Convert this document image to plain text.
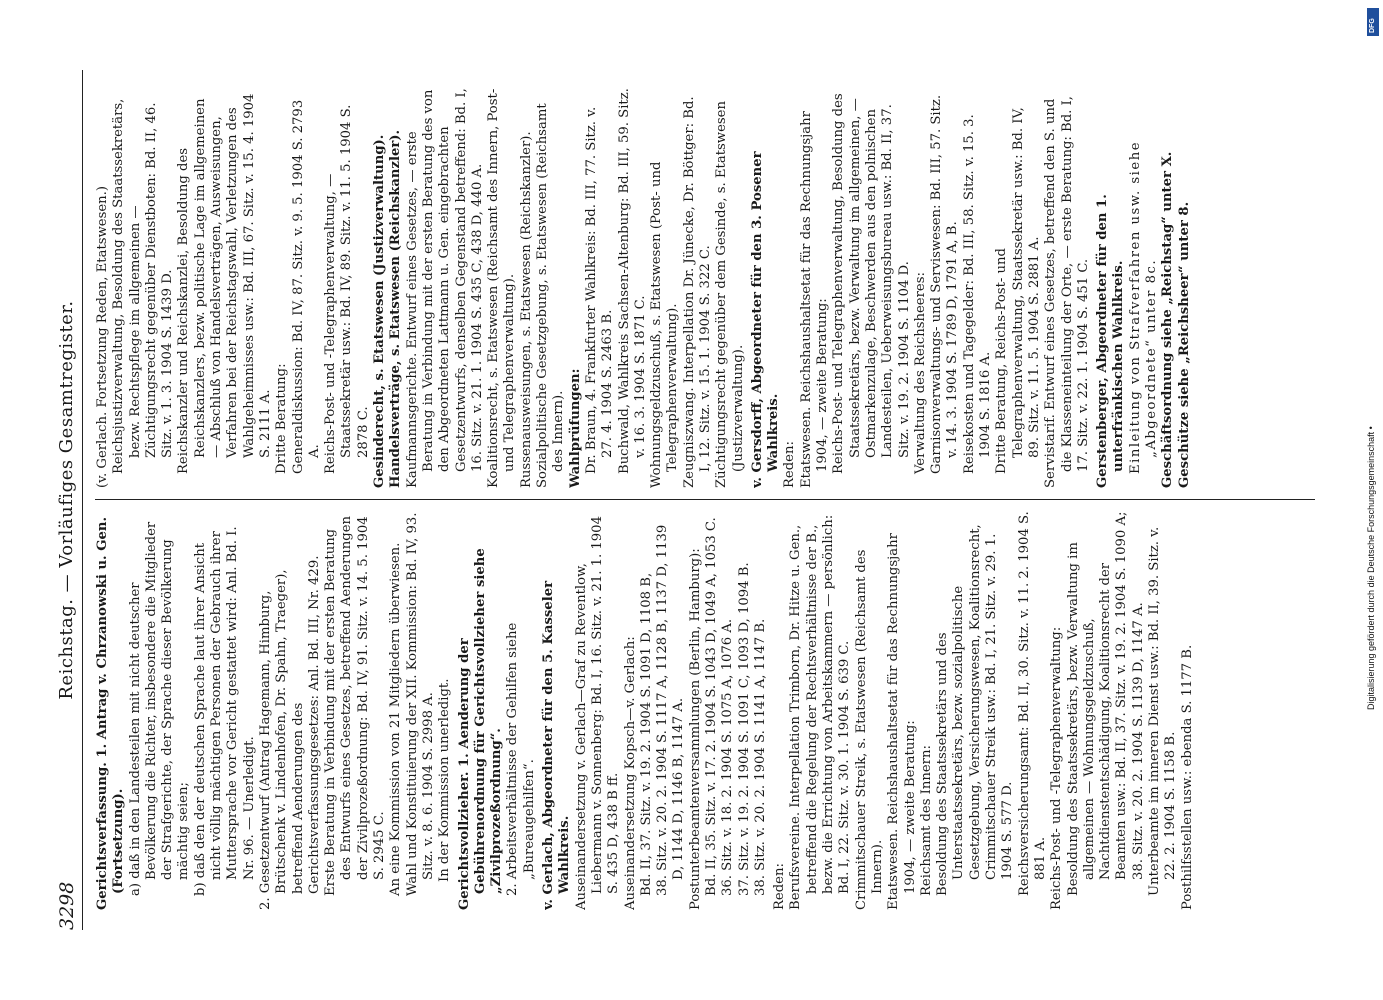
3298
Reichstag. — Vorläufiges Gesamtregister.

Gerichtsverfassung. 1. Antrag v. Chrzanowski u. Gen. (Fortsetzung). a) daß in den Landesteilen mit nicht deutscher Bevölkerung die Richter, insbesondere die Mitglieder der Strafgerichte, der Sprache dieser Bevölkerung mächtig seien; b) daß den der deutschen Sprache laut ihrer Ansicht nicht völlig mächtigen Personen der Gebrauch ihrer Muttersprache vor Gericht gestattet wird: Anl. Bd. I. Nr. 96. — Unerledigt. 2. Gesetzentwurf (Antrag Hagemann, Himburg, Brütschenk v. Lindenhofen, Dr. Spahn, Traeger), betreffend Aenderungen des Gerichtsverfassungsgesetzes: Anl. Bd. III, Nr. 429. Erste Beratung in Verbindung mit der ersten Beratung des Entwurfs eines Gesetzes, betreffend Aenderungen der Zivilprozeßordnung: Bd. IV, 91. Sitz. v. 14. 5. 1904 S. 2945 C. An eine Kommission von 21 Mitgliedern überwiesen. Wahl und Konstituierung der XII. Kommission: Bd. IV, 93. Sitz. v. 8. 6. 1904 S. 2998 A. In der Kommission unerledigt. Gerichtsvollzieher. 1. Aenderung der Gebührenordnung für Gerichtsvollzieher siehe „Zivilprozeßordnung“. 2. Arbeitsverhältnisse der Gehilfen siehe „Bureaugehilfen“. v. Gerlach, Abgeordneter für den 5. Kasseler Wahlkreis. Auseinandersetzung v. Gerlach—Graf zu Reventlow, Liebermann v. Sonnenberg: Bd. I, 16. Sitz. v. 21. 1. 1904 S. 435 D, 438 B ff. Auseinandersetzung Kopsch—v. Gerlach: Bd. II, 37. Sitz. v. 19. 2. 1904 S. 1091 D, 1108 B, 38. Sitz. v. 20. 2. 1904 S. 1117 A, 1128 B, 1137 D, 1139 D, 1144 D, 1146 B, 1147 A. Postunterbeamtenversammlungen (Berlin, Hamburg): Bd. II, 35. Sitz. v. 17. 2. 1904 S. 1043 D, 1049 A, 1053 C. 36. Sitz. v. 18. 2. 1904 S. 1075 A, 1076 A. 37. Sitz. v. 19. 2. 1904 S. 1091 C, 1093 D, 1094 B. 38. Sitz. v. 20. 2. 1904 S. 1141 A, 1147 B. Reden: Berufsvereine. Interpellation Trimborn, Dr. Hitze u. Gen., betreffend die Regelung der Rechtsverhältnisse der B., bezw. die Errichtung von Arbeitskammern — persönlich: Bd. I, 22. Sitz. v. 30. 1. 1904 S. 639 C. Crimmitschauer Streik, s. Etatswesen (Reichsamt des Innern). Etatswesen. Reichshaushaltsetat für das Rechnungsjahr 1904, — zweite Beratung: Reichsamt des Innern: Besoldung des Staatssekretärs und des Unterstaatssekretärs, bezw. sozialpolitische Gesetzgebung, Versicherungswesen, Koalitionsrecht, Crimmitschauer Streik usw.: Bd. I, 21. Sitz. v. 29. 1. 1904 S. 577 D. Reichsversicherungsamt: Bd. II, 30. Sitz. v. 11. 2. 1904 S. 881 A. Reichs-Post- und -Telegraphenverwaltung: Besoldung des Staatssekretärs, bezw. Verwaltung im allgemeinen — Wohnungsgeldzuschuß, Nachtdienstentschädigung, Koalitionsrecht der Beamten usw.: Bd. II, 37. Sitz. v. 19. 2. 1904 S. 1090 A; 38. Sitz. v. 20. 2. 1904 S. 1139 D, 1147 A. Unterbeamte im inneren Dienst usw.: Bd. II, 39. Sitz. v. 22. 2. 1904 S. 1158 B. Posthilfsstellen usw.: ebenda S. 1177 B.

(v. Gerlach. Fortsetzung Reden, Etatswesen.) Reichsjustizverwaltung, Besoldung des Staatssekretärs, bezw. Rechtspflege im allgemeinen — Züchtigungsrecht gegenüber Dienstboten: Bd. II, 46. Sitz. v. 1. 3. 1904 S. 1439 D. Reichskanzler und Reichskanzlei, Besoldung des Reichskanzlers, bezw. politische Lage im allgemeinen — Abschluß von Handelsverträgen, Ausweisungen, Verfahren bei der Reichstagswahl, Verletzungen des Wahlgeheimnisses usw.: Bd. III, 67. Sitz. v. 15. 4. 1904 S. 2111 A. Dritte Beratung: Generaldiskussion: Bd. IV, 87. Sitz. v. 9. 5. 1904 S. 2793 A. Reichs-Post- und -Telegraphenverwaltung, — Staatssekretär usw.: Bd. IV, 89. Sitz. v. 11. 5. 1904 S. 2878 C. Gesinderecht, s. Etatswesen (Justizverwaltung). Handelsverträge, s. Etatswesen (Reichskanzler). Kaufmannsgerichte. Entwurf eines Gesetzes, — erste Beratung in Verbindung mit der ersten Beratung des von den Abgeordneten Lattmann u. Gen. eingebrachten Gesetzentwurfs, denselben Gegenstand betreffend: Bd. I, 16. Sitz. v. 21. 1. 1904 S. 435 C, 438 D, 440 A. Koalitionsrecht, s. Etatswesen (Reichsamt des Innern, Post- und Telegraphenverwaltung). Russenausweisungen, s. Etatswesen (Reichskanzler). Sozialpolitische Gesetzgebung, s. Etatswesen (Reichsamt des Innern). Wahlprüfungen: Dr. Braun, 4. Frankfurter Wahlkreis: Bd. III, 77. Sitz. v. 27. 4. 1904 S. 2463 B. Buchwald, Wahlkreis Sachsen-Altenburg: Bd. III, 59. Sitz. v. 16. 3. 1904 S. 1871 C. Wohnungsgeldzuschuß, s. Etatswesen (Post- und Telegraphenverwaltung). Zeugniszwang. Interpellation Dr. Jünecke, Dr. Böttger: Bd. I, 12. Sitz. v. 15. 1. 1904 S. 322 C. Züchtigungsrecht gegenüber dem Gesinde, s. Etatswesen (Justizverwaltung). v. Gersdorff, Abgeordneter für den 3. Posener Wahlkreis. Reden: Etatswesen. Reichshaushaltsetat für das Rechnungsjahr 1904, — zweite Beratung: Reichs-Post- und Telegraphenverwaltung, Besoldung des Staatssekretärs, bezw. Verwaltung im allgemeinen, — Ostmarkenzulage, Beschwerden aus den polnischen Landesteilen, Ueberweisungsbureau usw.: Bd. II, 37. Sitz. v. 19. 2. 1904 S. 1104 D. Verwaltung des Reichsheeres: Garnisonverwaltungs- und Serviswesen: Bd. III, 57. Sitz. v. 14. 3. 1904 S. 1789 D, 1791 A, B. Reisekosten und Tagegelder: Bd. III, 58. Sitz. v. 15. 3. 1904 S. 1816 A. Dritte Beratung, Reichs-Post- und Telegraphenverwaltung, Staatssekretär usw.: Bd. IV, 89. Sitz. v. 11. 5. 1904 S. 2881 A. Servistarif. Entwurf eines Gesetzes, betreffend den S. und die Klasseneinteilung der Orte, — erste Beratung: Bd. I, 17. Sitz. v. 22. 1. 1904 S. 451 C. Gerstenberger, Abgeordneter für den 1. unterfränkischen Wahlkreis. Einleitung von Strafverfahren usw. siehe „Abgeordnete“ unter 8c. Geschäftsordnung siehe „Reichstag“ unter X. Geschütze siehe „Reichsheer“ unter 8.

DFG
Digitalisierung gefördert durch die Deutsche Forschungsgemeinschaft •
